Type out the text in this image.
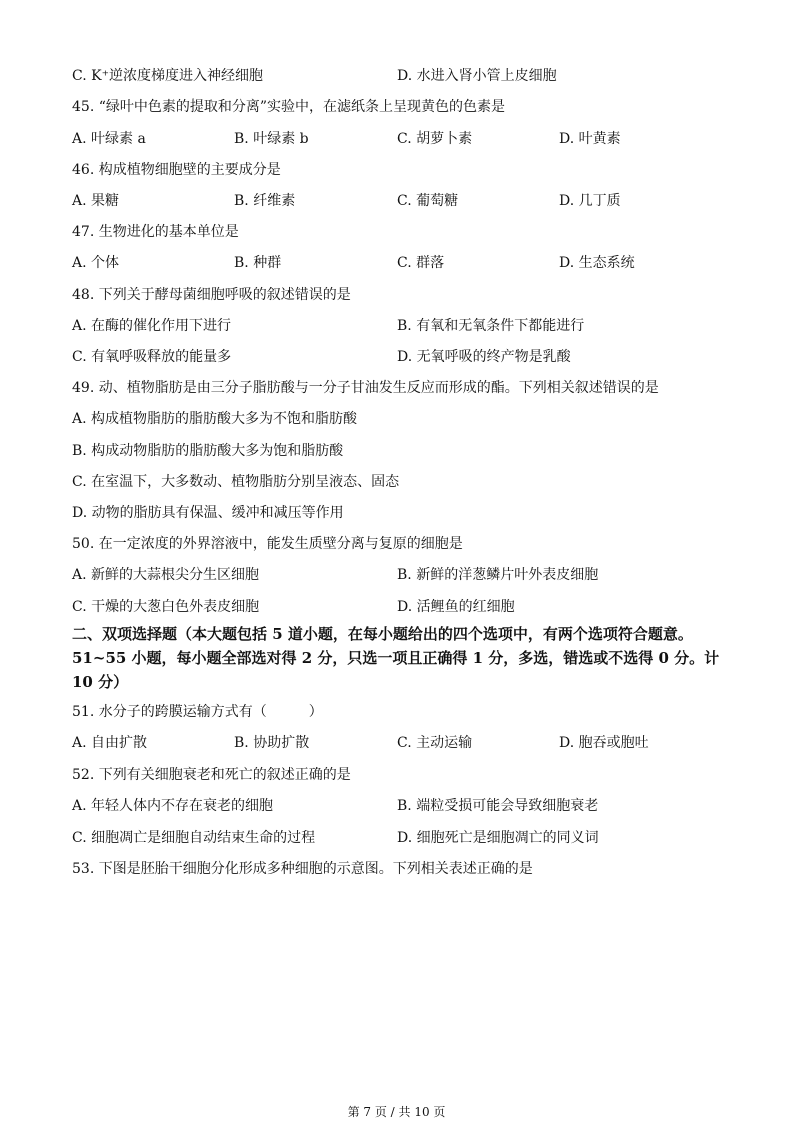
C. K⁺逆浓度梯度进入神经细胞	D. 水进入肾小管上皮细胞
45. “绿叶中色素的提取和分离”实验中，在滤纸条上呈现黄色的色素是
A. 叶绿素 a	B. 叶绿素 b	C. 胡萝卜素	D. 叶黄素
46. 构成植物细胞壁的主要成分是
A. 果糖	B. 纤维素	C. 葡萄糖	D. 几丁质
47. 生物进化的基本单位是
A. 个体	B. 种群	C. 群落	D. 生态系统
48. 下列关于酵母菌细胞呼吸的叙述错误的是
A. 在酶的催化作用下进行	B. 有氧和无氧条件下都能进行
C. 有氧呼吸释放的能量多	D. 无氧呼吸的终产物是乳酸
49. 动、植物脂肪是由三分子脂肪酸与一分子甘油发生反应而形成的酯。下列相关叙述错误的是
A. 构成植物脂肪的脂肪酸大多为不饱和脂肪酸
B. 构成动物脂肪的脂肪酸大多为饱和脂肪酸
C. 在室温下，大多数动、植物脂肪分别呈液态、固态
D. 动物的脂肪具有保温、缓冲和减压等作用
50. 在一定浓度的外界溶液中，能发生质壁分离与复原的细胞是
A. 新鲜的大蒜根尖分生区细胞	B. 新鲜的洋葱鳞片叶外表皮细胞
C. 干燥的大葱白色外表皮细胞	D. 活鲤鱼的红细胞
二、双项选择题（本大题包括 5 道小题，在每小题给出的四个选项中，有两个选项符合题意。51~55 小题，每小题全部选对得 2 分，只选一项且正确得 1 分，多选，错选或不选得 0 分。计 10 分）
51. 水分子的跨膜运输方式有（　　　）
A. 自由扩散	B. 协助扩散	C. 主动运输	D. 胞吞或胞吐
52. 下列有关细胞衰老和死亡的叙述正确的是
A. 年轻人体内不存在衰老的细胞	B. 端粒受损可能会导致细胞衰老
C. 细胞凋亡是细胞自动结束生命的过程	D. 细胞死亡是细胞凋亡的同义词
53. 下图是胚胎干细胞分化形成多种细胞的示意图。下列相关表述正确的是
第 7 页 / 共 10 页
